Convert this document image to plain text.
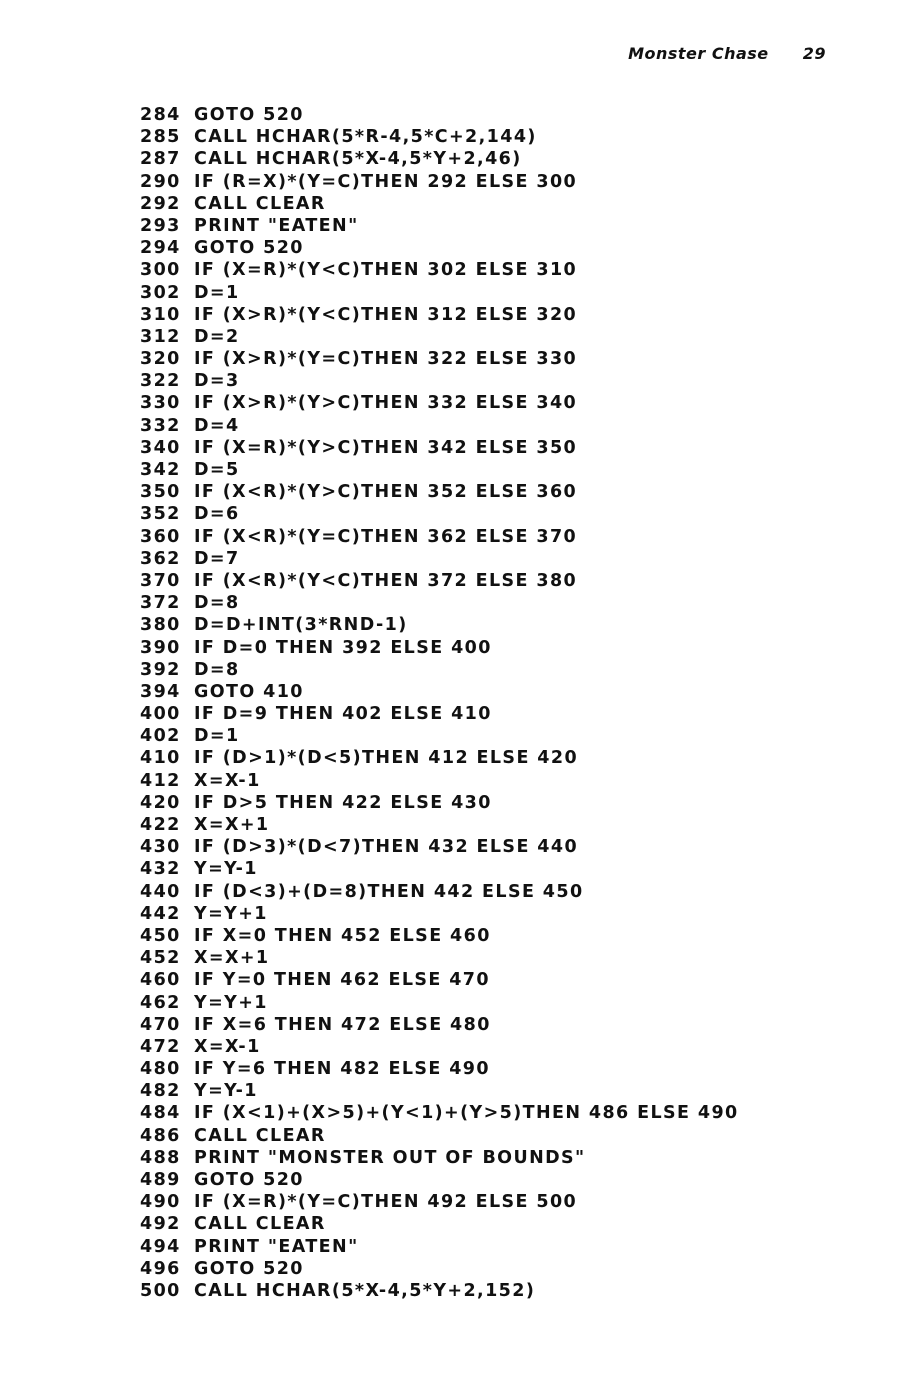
Monster Chase 29
284 GOTO 520
285 CALL HCHAR(5*R-4,5*C+2,144)
287 CALL HCHAR(5*X-4,5*Y+2,46)
290 IF (R=X)*(Y=C)THEN 292 ELSE 300
292 CALL CLEAR
293 PRINT "EATEN"
294 GOTO 520
300 IF (X=R)*(Y<C)THEN 302 ELSE 310
302 D=1
310 IF (X>R)*(Y<C)THEN 312 ELSE 320
312 D=2
320 IF (X>R)*(Y=C)THEN 322 ELSE 330
322 D=3
330 IF (X>R)*(Y>C)THEN 332 ELSE 340
332 D=4
340 IF (X=R)*(Y>C)THEN 342 ELSE 350
342 D=5
350 IF (X<R)*(Y>C)THEN 352 ELSE 360
352 D=6
360 IF (X<R)*(Y=C)THEN 362 ELSE 370
362 D=7
370 IF (X<R)*(Y<C)THEN 372 ELSE 380
372 D=8
380 D=D+INT(3*RND-1)
390 IF D=0 THEN 392 ELSE 400
392 D=8
394 GOTO 410
400 IF D=9 THEN 402 ELSE 410
402 D=1
410 IF (D>1)*(D<5)THEN 412 ELSE 420
412 X=X-1
420 IF D>5 THEN 422 ELSE 430
422 X=X+1
430 IF (D>3)*(D<7)THEN 432 ELSE 440
432 Y=Y-1
440 IF (D<3)+(D=8)THEN 442 ELSE 450
442 Y=Y+1
450 IF X=0 THEN 452 ELSE 460
452 X=X+1
460 IF Y=0 THEN 462 ELSE 470
462 Y=Y+1
470 IF X=6 THEN 472 ELSE 480
472 X=X-1
480 IF Y=6 THEN 482 ELSE 490
482 Y=Y-1
484 IF (X<1)+(X>5)+(Y<1)+(Y>5)THEN 486 ELSE 490
486 CALL CLEAR
488 PRINT "MONSTER OUT OF BOUNDS"
489 GOTO 520
490 IF (X=R)*(Y=C)THEN 492 ELSE 500
492 CALL CLEAR
494 PRINT "EATEN"
496 GOTO 520
500 CALL HCHAR(5*X-4,5*Y+2,152)
